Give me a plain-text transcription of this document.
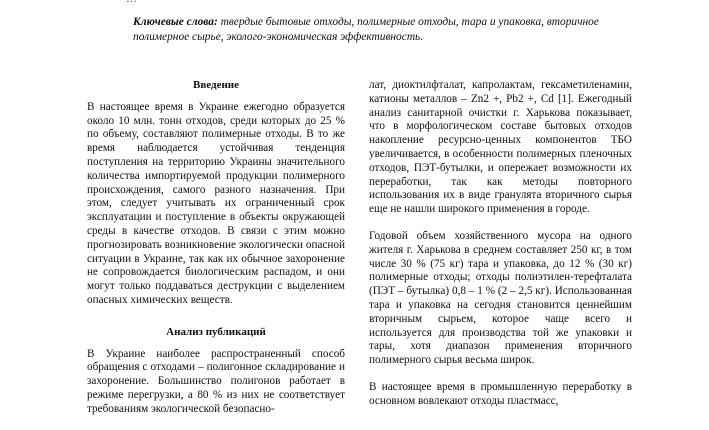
Ключевые слова: твердые бытовые отходы, полимерные отходы, тара и упаковка, вторичное полимерное сырье, эколого-экономическая эффективность.
Введение

В настоящее время в Украине ежегодно образуется около 10 млн. тонн отходов, среди которых до 25 % по объему, составляют полимерные отходы. В то же время наблюдается устойчивая тенденция поступления на территорию Украины значительного количества импортируемой продукции полимерного происхождения, самого разного назначения. При этом, следует учитывать их ограниченный срок эксплуатации и поступление в объекты окружающей среды в качестве отходов. В связи с этим можно прогнозировать возникновение экологически опасной ситуации в Украине, так как их обычное захоронение не сопровождается биологическим распадом, и они могут только поддаваться деструкции с выделением опасных химических веществ.

Анализ публикаций

В Украине наиболее распространенный способ обращения с отходами – полигонное складирование и захоронение. Большинство полигонов работает в режиме перегрузки, а 80 % из них не соответствует требованиям экологической безопасно-

лат, диоктилфталат, капролактам, гексаметиленамин, катионы металлов – Zn2 +, Pb2 +, Cd [1]. Ежегодный анализ санитарной очистки г. Харькова показывает, что в морфологическом составе бытовых отходов накопление ресурсно-ценных компонентов ТБО увеличивается, в особенности полимерных пленочных отходов, ПЭТ-бутылки, и опережает возможности их переработки, так как методы повторного использования их в виде гранулята вторичного сырья еще не нашли широкого применения в городе.

Годовой объем хозяйственного мусора на одного жителя г. Харькова в среднем составляет 250 кг, в том числе 30 % (75 кг) тара и упаковка, до 12 % (30 кг) полимерные отходы; отходы полиэтилен-терефталата (ПЭТ – бутылка) 0,8 – 1 % (2 – 2,5 кг). Использованная тара и упаковка на сегодня становится ценнейшим вторичным сырьем, которое чаще всего и используется для производства той же упаковки и тары, хотя диапазон применения вторичного полимерного сырья весьма широк.

В настоящее время в промышленную переработку в основном вовлекают отходы пластмасс,
